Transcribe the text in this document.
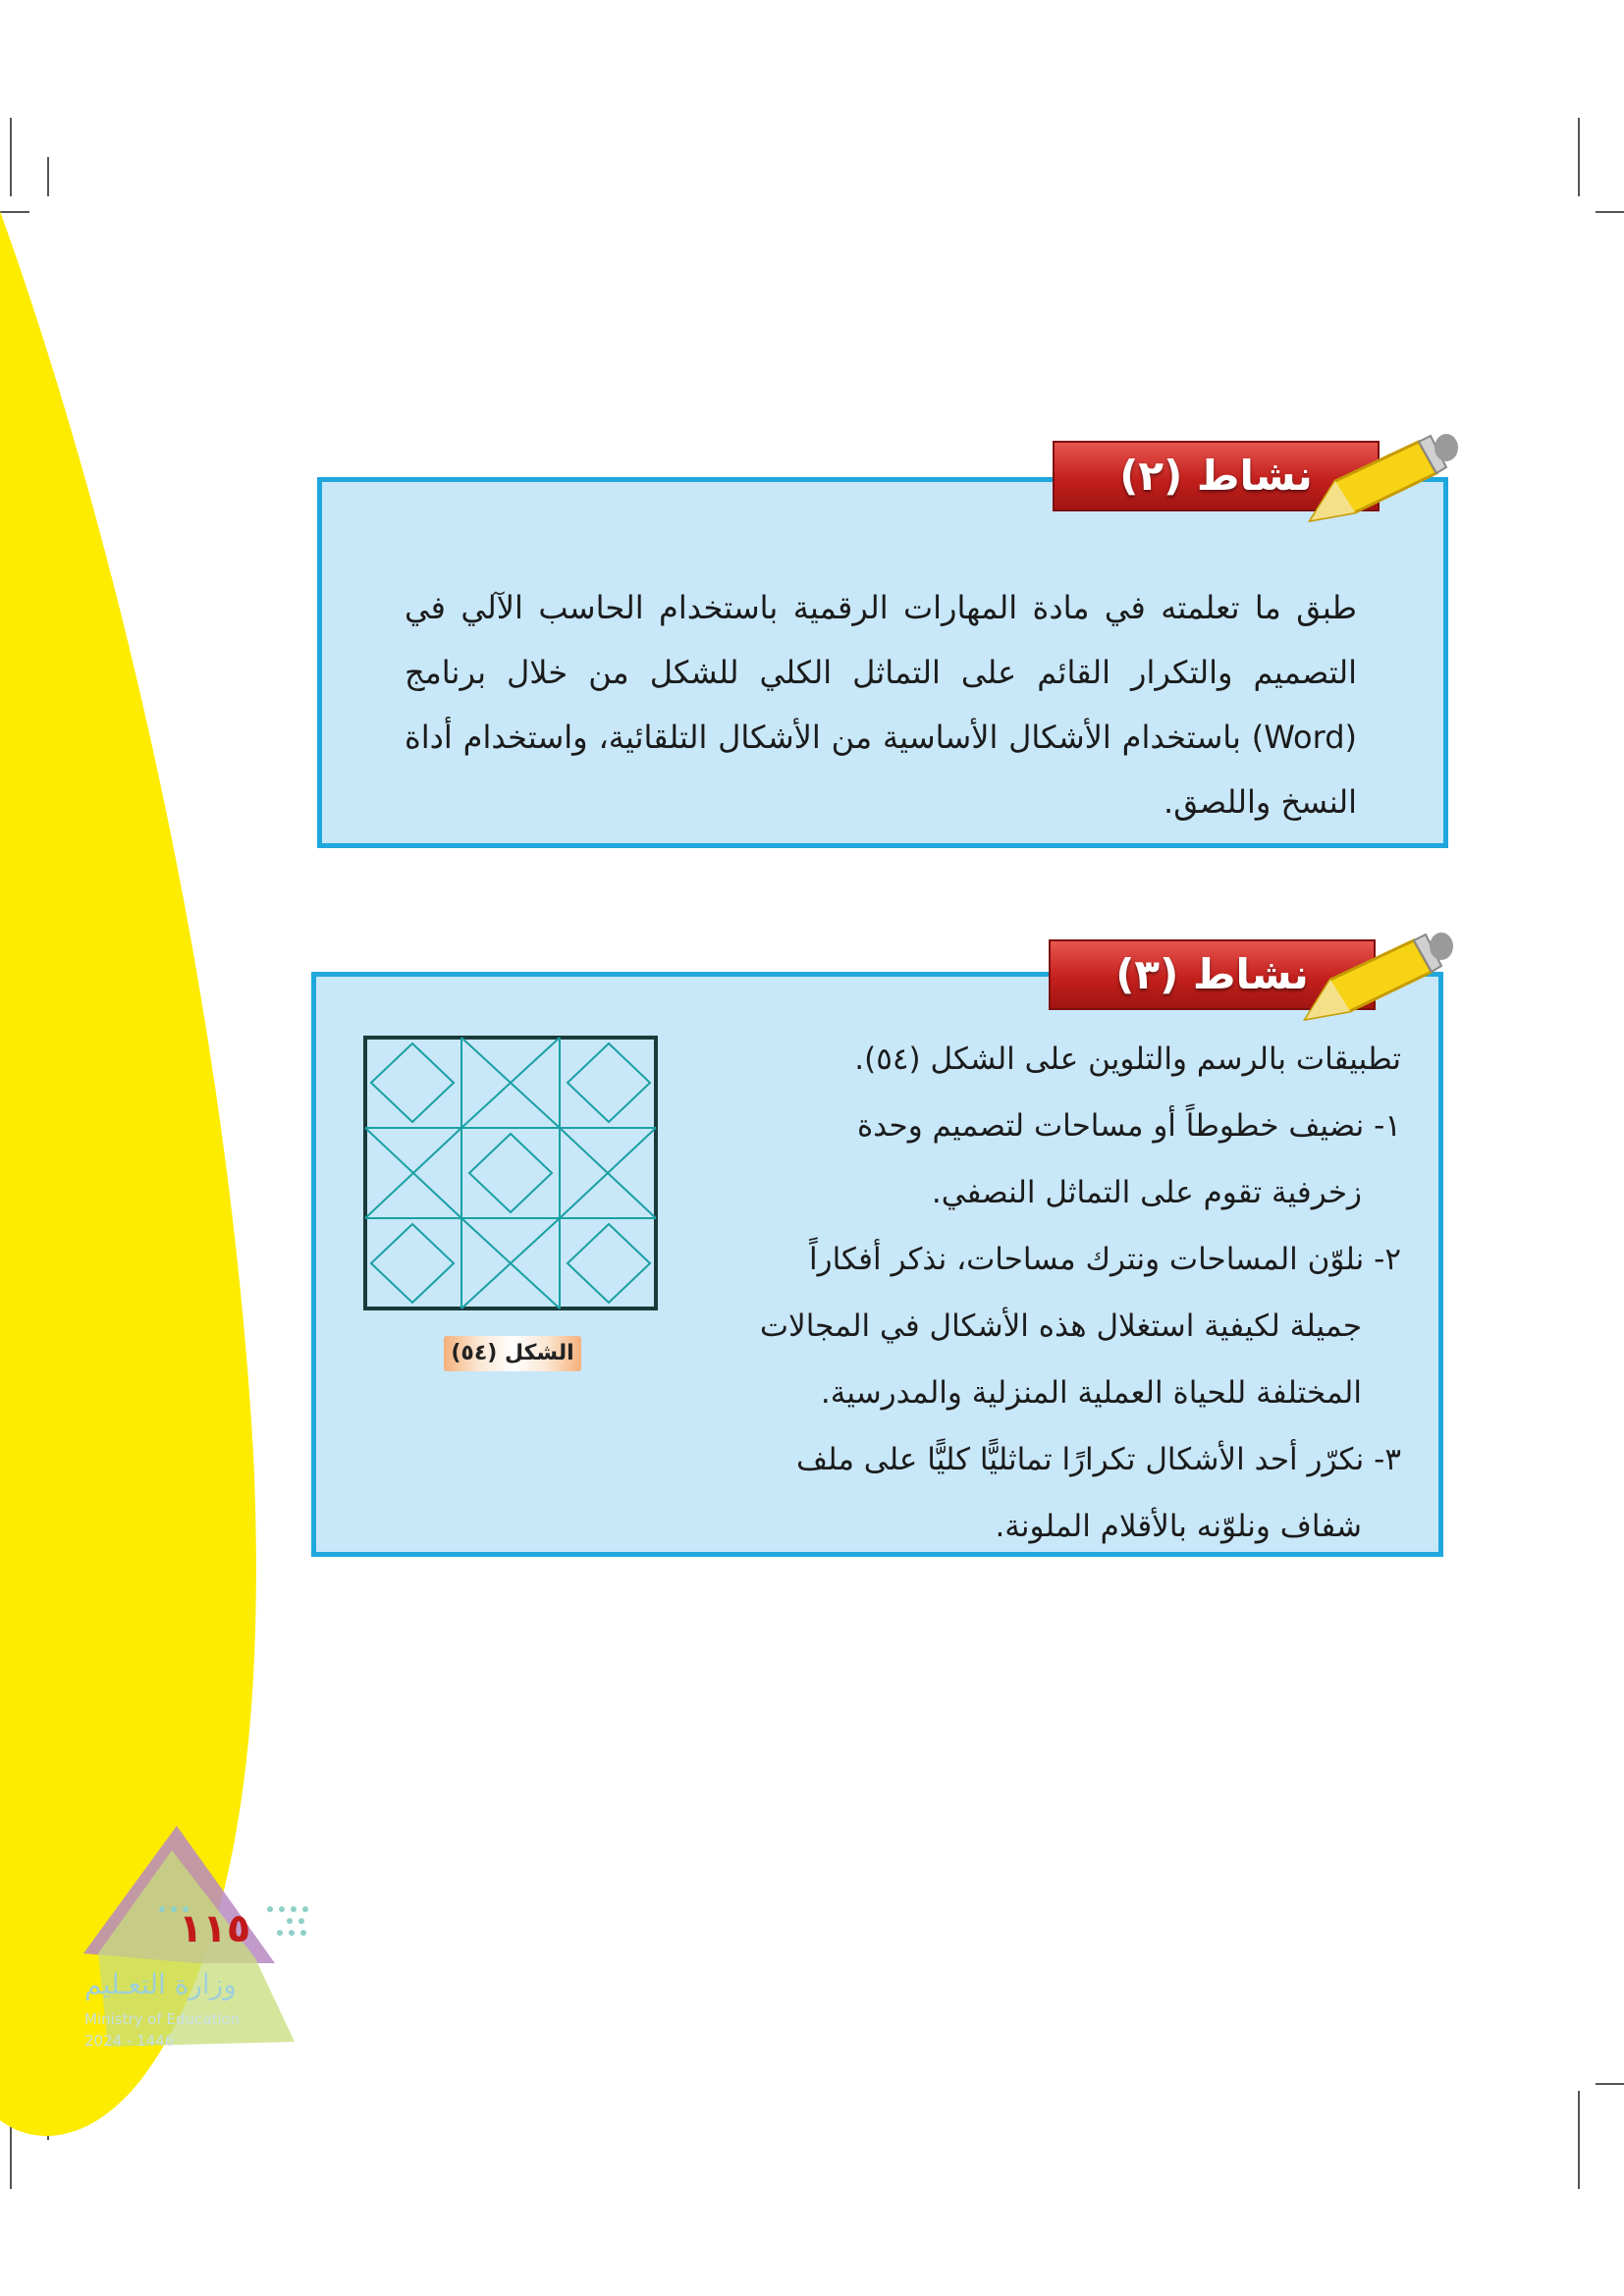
طبق ما تعلمته في مادة المهارات الرقمية باستخدام الحاسب الآلي في التصميم والتكرار القائم على التماثل الكلي للشكل من خلال برنامج (Word) باستخدام الأشكال الأساسية من الأشكال التلقائية، واستخدام أداة النسخ واللصق.
نشاط (٢)

تطبيقات بالرسم والتلوين على الشكل (٥٤).

١- نضيف خطوطاً أو مساحات لتصميم وحدة

زخرفية تقوم على التماثل النصفي.

٢- نلوّن المساحات ونترك مساحات، نذكر أفكاراً

جميلة لكيفية استغلال هذه الأشكال في المجالات

المختلفة للحياة العملية المنزلية والمدرسية.

٣- نكرّر أحد الأشكال تكرارًا تماثليًّا كليًّا على ملف

شفاف ونلوّنه بالأقلام الملونة.

الشكل (٥٤)
نشاط (٣)
١١٥
وزارة التعـليم
Ministry of Education
2024 - 1446
